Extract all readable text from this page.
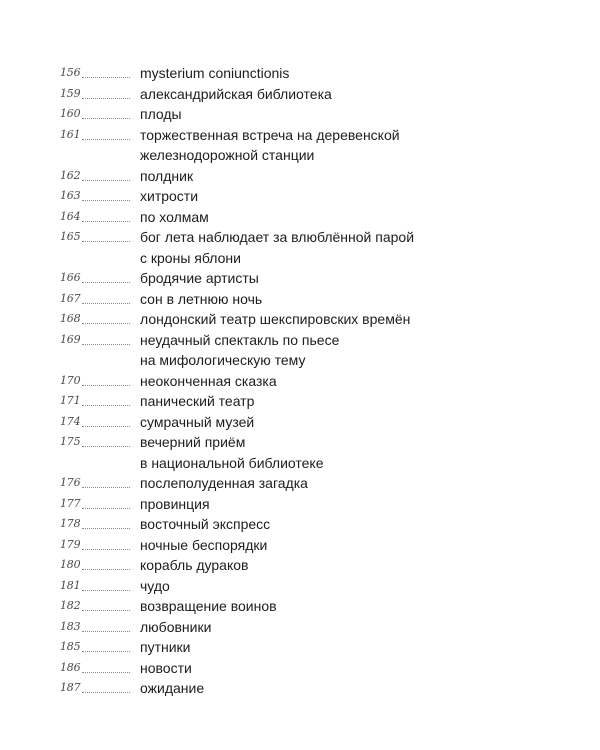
156	mysterium coniunctionis
159	александрийская библиотека
160	плоды
161	торжественная встреча на деревенской
железнодорожной станции
162	полдник
163	хитрости
164	по холмам
165	бог лета наблюдает за влюблённой парой
с кроны яблони
166	бродячие артисты
167	сон в летнюю ночь
168	лондонский театр шекспировских времён
169	неудачный спектакль по пьесе
на мифологическую тему
170	неоконченная сказка
171	панический театр
174	сумрачный музей
175	вечерний приём
в национальной библиотеке
176	послеполуденная загадка
177	провинция
178	восточный экспресс
179	ночные беспорядки
180	корабль дураков
181	чудо
182	возвращение воинов
183	любовники
185	путники
186	новости
187	ожидание
